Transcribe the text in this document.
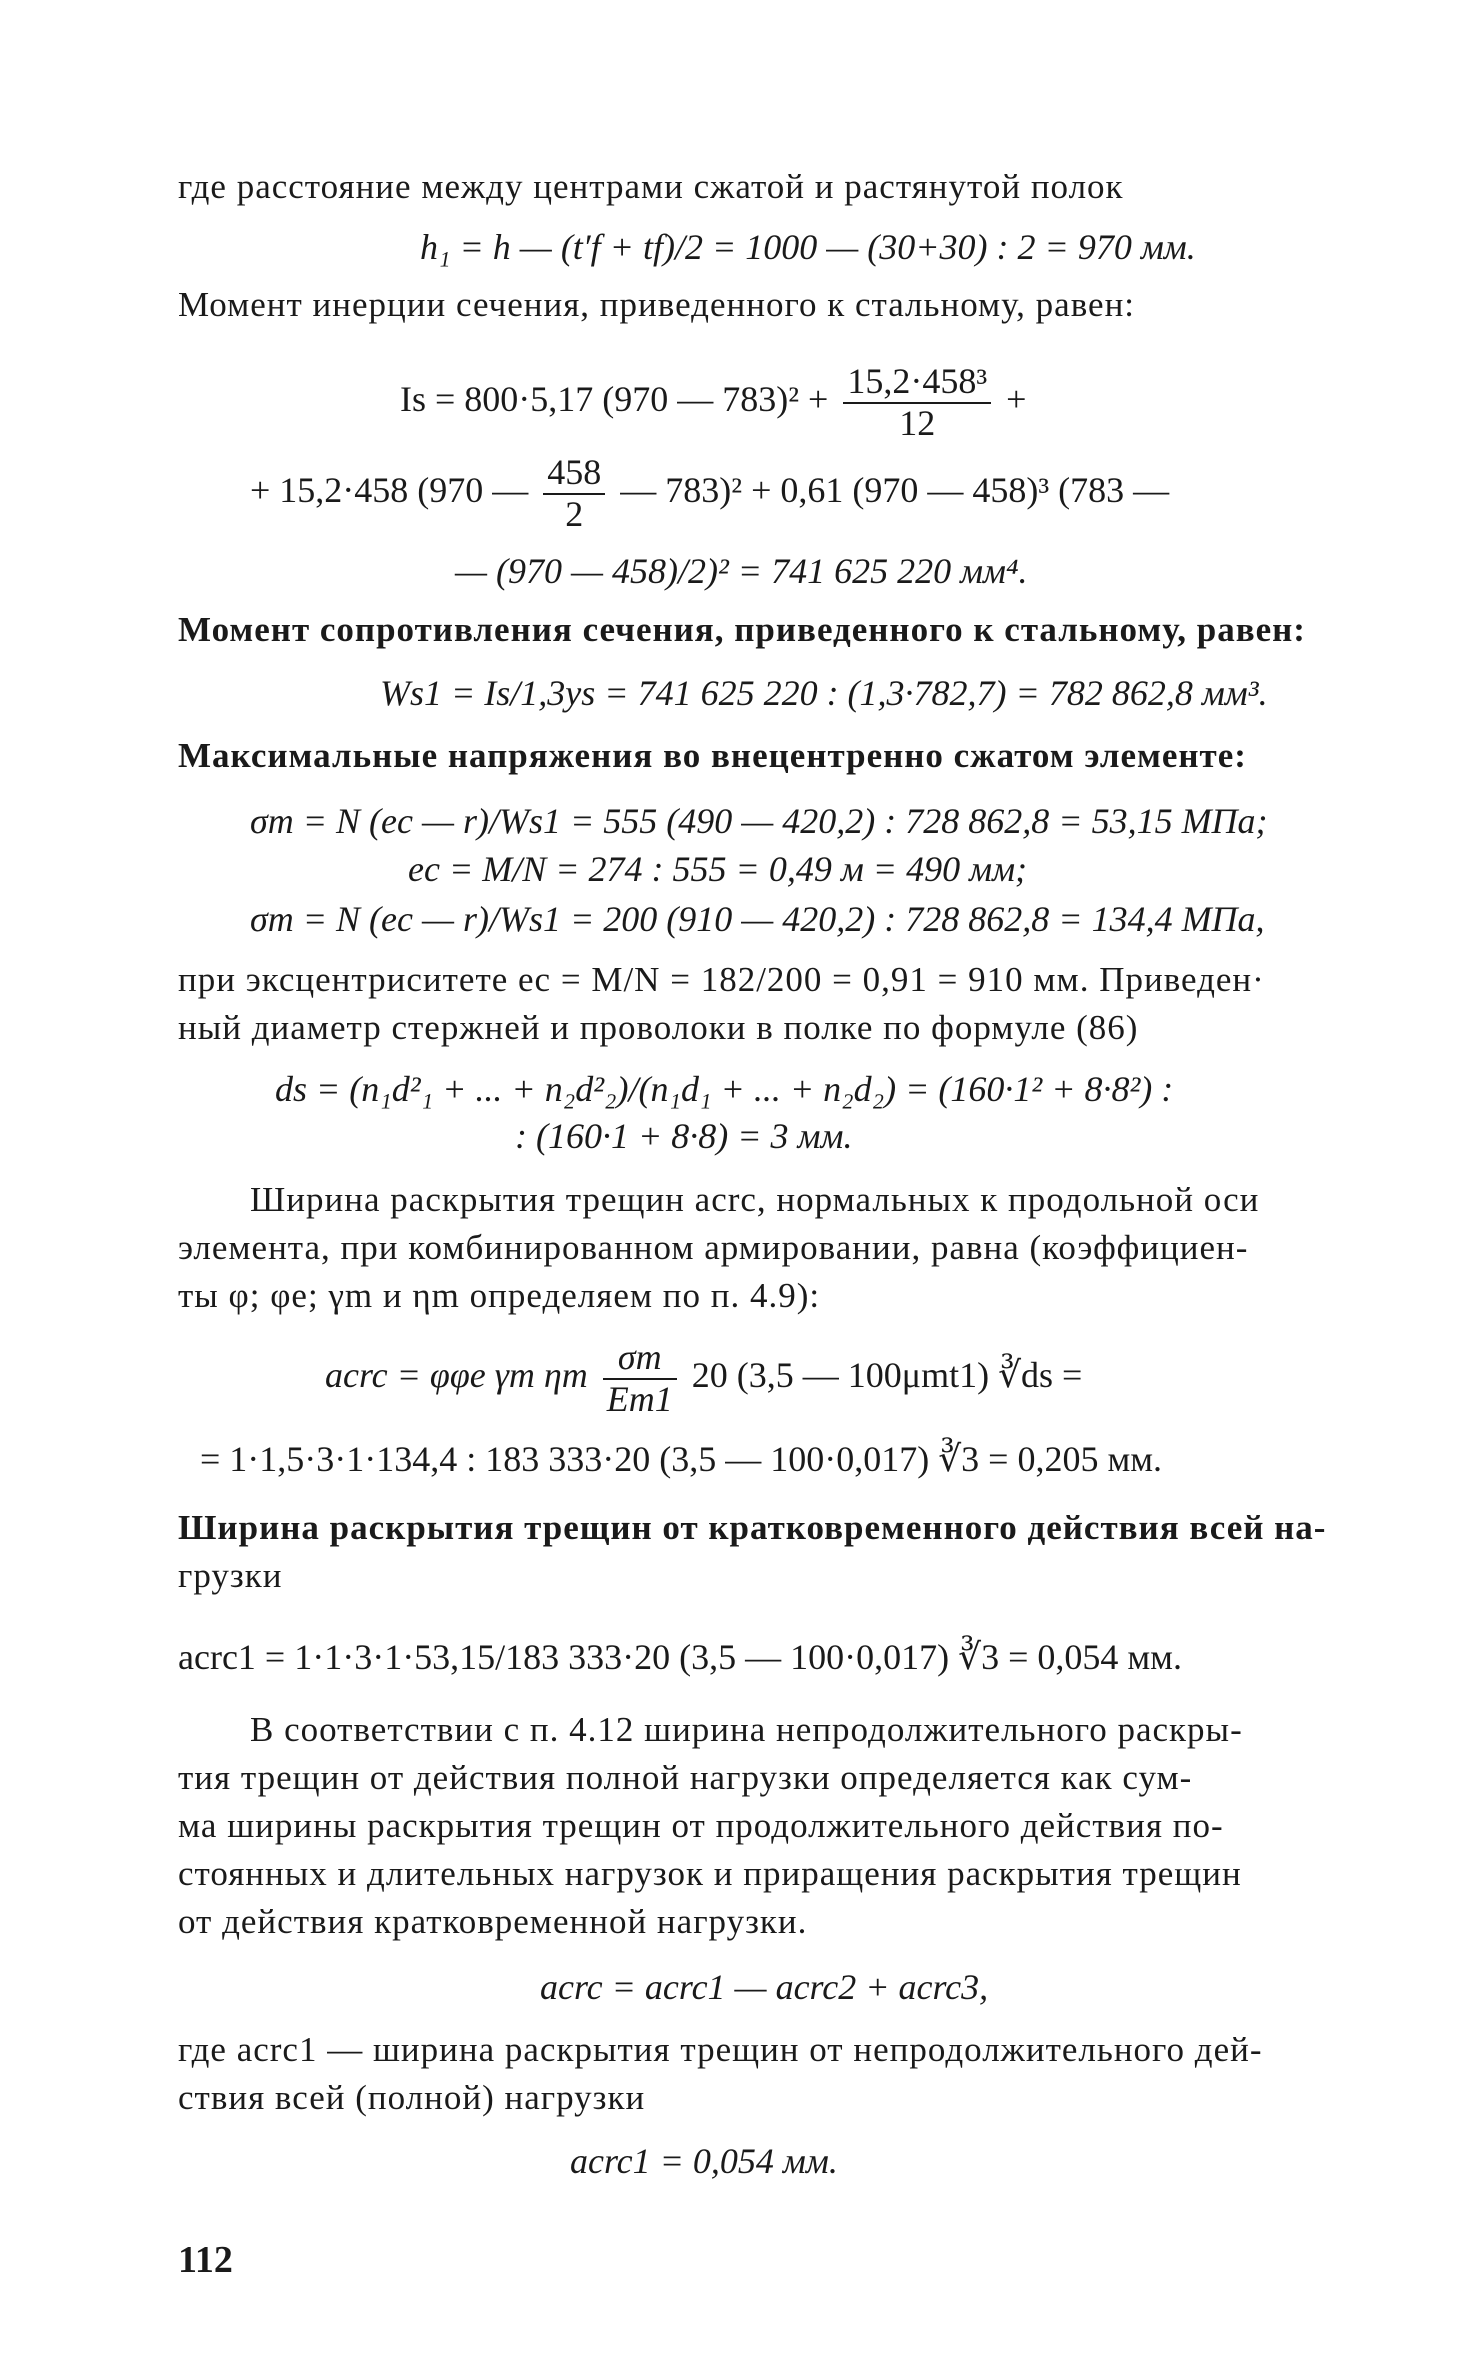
где расстояние между центрами сжатой и растянутой полок
h₁ = h — (t′f + tf)/2 = 1000 — (30+30) : 2 = 970 мм.
Момент инерции сечения, приведенного к стальному, равен:
Is = 800·5,17 (970 — $783)^2 + \frac{\text{15,2·458³}}{12}$ +
+ 15,2·458 (970 — $\frac{458}{2}$ — 783)² + 0,61 (970 — 458)³ (783 —
— (970 — 458)/2)² = 741 625 220 мм⁴.
Момент сопротивления сечения, приведенного к стальному, равен:
Ws1 = Is/1,3ys = 741 625 220 : (1,3·782,7) = 782 862,8 мм³.
Максимальные напряжения во внецентренно сжатом элементе:
σm = N (ec — r)/Ws1 = 555 (490 — 420,2) : 728 862,8 = 53,15 МПа;
ec = M/N = 274 : 555 = 0,49 м = 490 мм;
σm = N (ec — r)/Ws1 = 200 (910 — 420,2) : 728 862,8 = 134,4 МПа,
при эксцентриситете ec = M/N = 182/200 = 0,91 = 910 мм. Приведен·
ный диаметр стержней и проволоки в полке по формуле (86)
ds = (n₁d²₁ + ... + n₂d²₂)/(n₁d₁ + ... + n₂d₂) = (160·1² + 8·8²) :
: (160·1 + 8·8) = 3 мм.
Ширина раскрытия трещин acrc, нормальных к продольной оси
элемента, при комбинированном армировании, равна (коэффициен-
ты φ; φe; γm и ηm определяем по п. 4.9):
acrc = φφe γm ηm $\frac{\sigma m}{Em1} 20$ (3,5 — 100μmt1) ∛ds =
= 1·1,5·3·1·134,4 : 183 333·20 (3,5 — 100·0,017) ∛3 = 0,205 мм.
Ширина раскрытия трещин от кратковременного действия всей на-
грузки
acrc1 = 1·1·3·1·53,15/183 333·20 (3,5 — 100·0,017) ∛3 = 0,054 мм.
В соответствии с п. 4.12 ширина непродолжительного раскры-
тия трещин от действия полной нагрузки определяется как сум-
ма ширины раскрытия трещин от продолжительного действия по-
стоянных и длительных нагрузок и приращения раскрытия трещин
от действия кратковременной нагрузки.
acrc = acrc1 — acrc2 + acrc3,
где acrc1 — ширина раскрытия трещин от непродолжительного дей-
ствия всей (полной) нагрузки
acrc1 = 0,054 мм.
112
